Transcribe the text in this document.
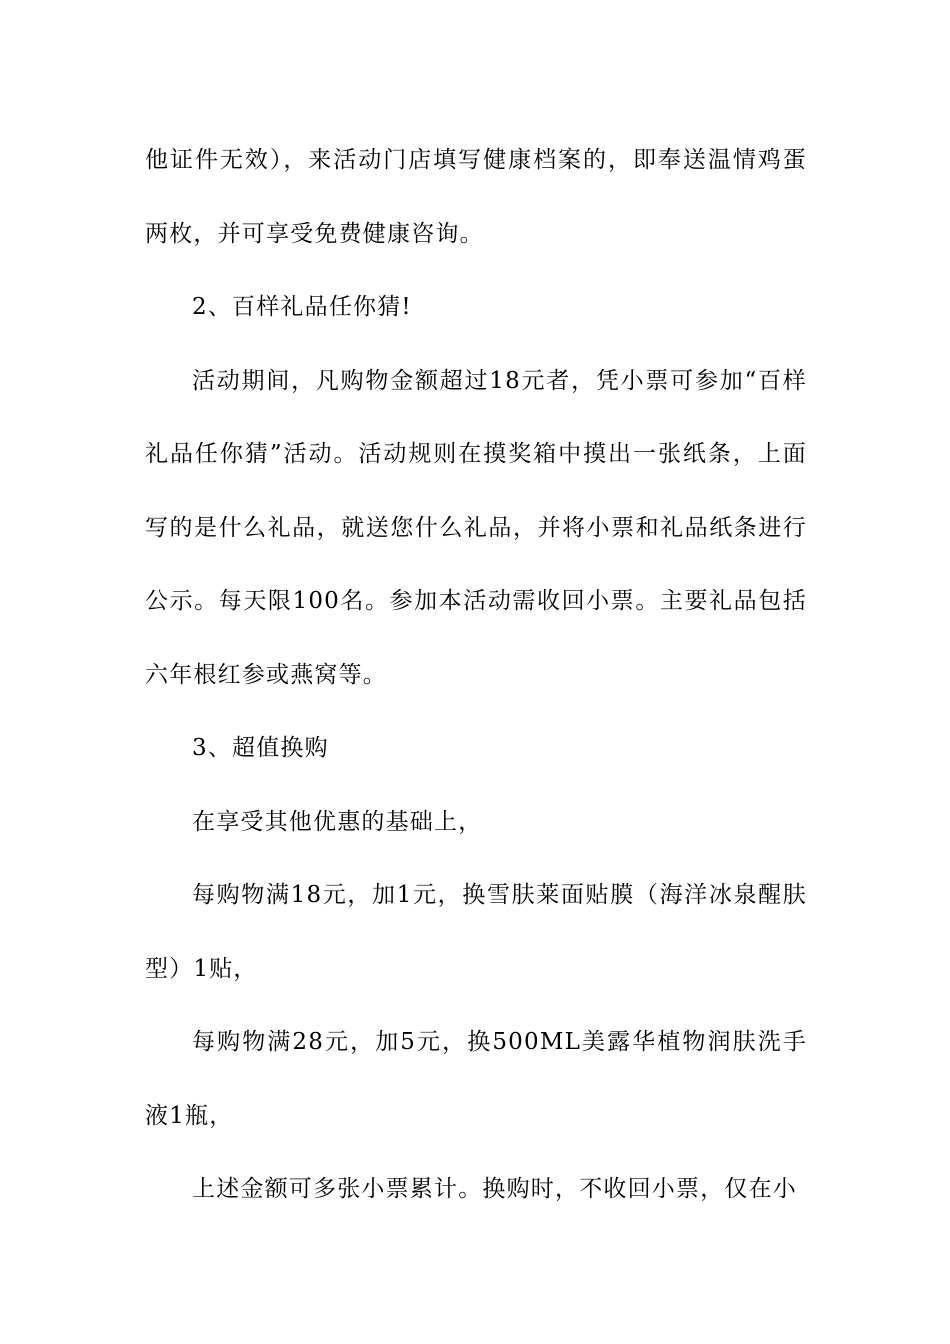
他证件无效），来活动门店填写健康档案的，即奉送温情鸡蛋两枚，并可享受免费健康咨询。

2、百样礼品任你猜!

活动期间，凡购物金额超过18元者，凭小票可参加“百样礼品任你猜”活动。活动规则在摸奖箱中摸出一张纸条，上面写的是什么礼品，就送您什么礼品，并将小票和礼品纸条进行公示。每天限100名。参加本活动需收回小票。主要礼品包括六年根红参或燕窝等。

3、超值换购

在享受其他优惠的基础上，

每购物满18元，加1元，换雪肤莱面贴膜（海洋冰泉醒肤型）1贴，

每购物满28元，加5元，换500ML美露华植物润肤洗手液1瓶，

上述金额可多张小票累计。换购时，不收回小票，仅在小
